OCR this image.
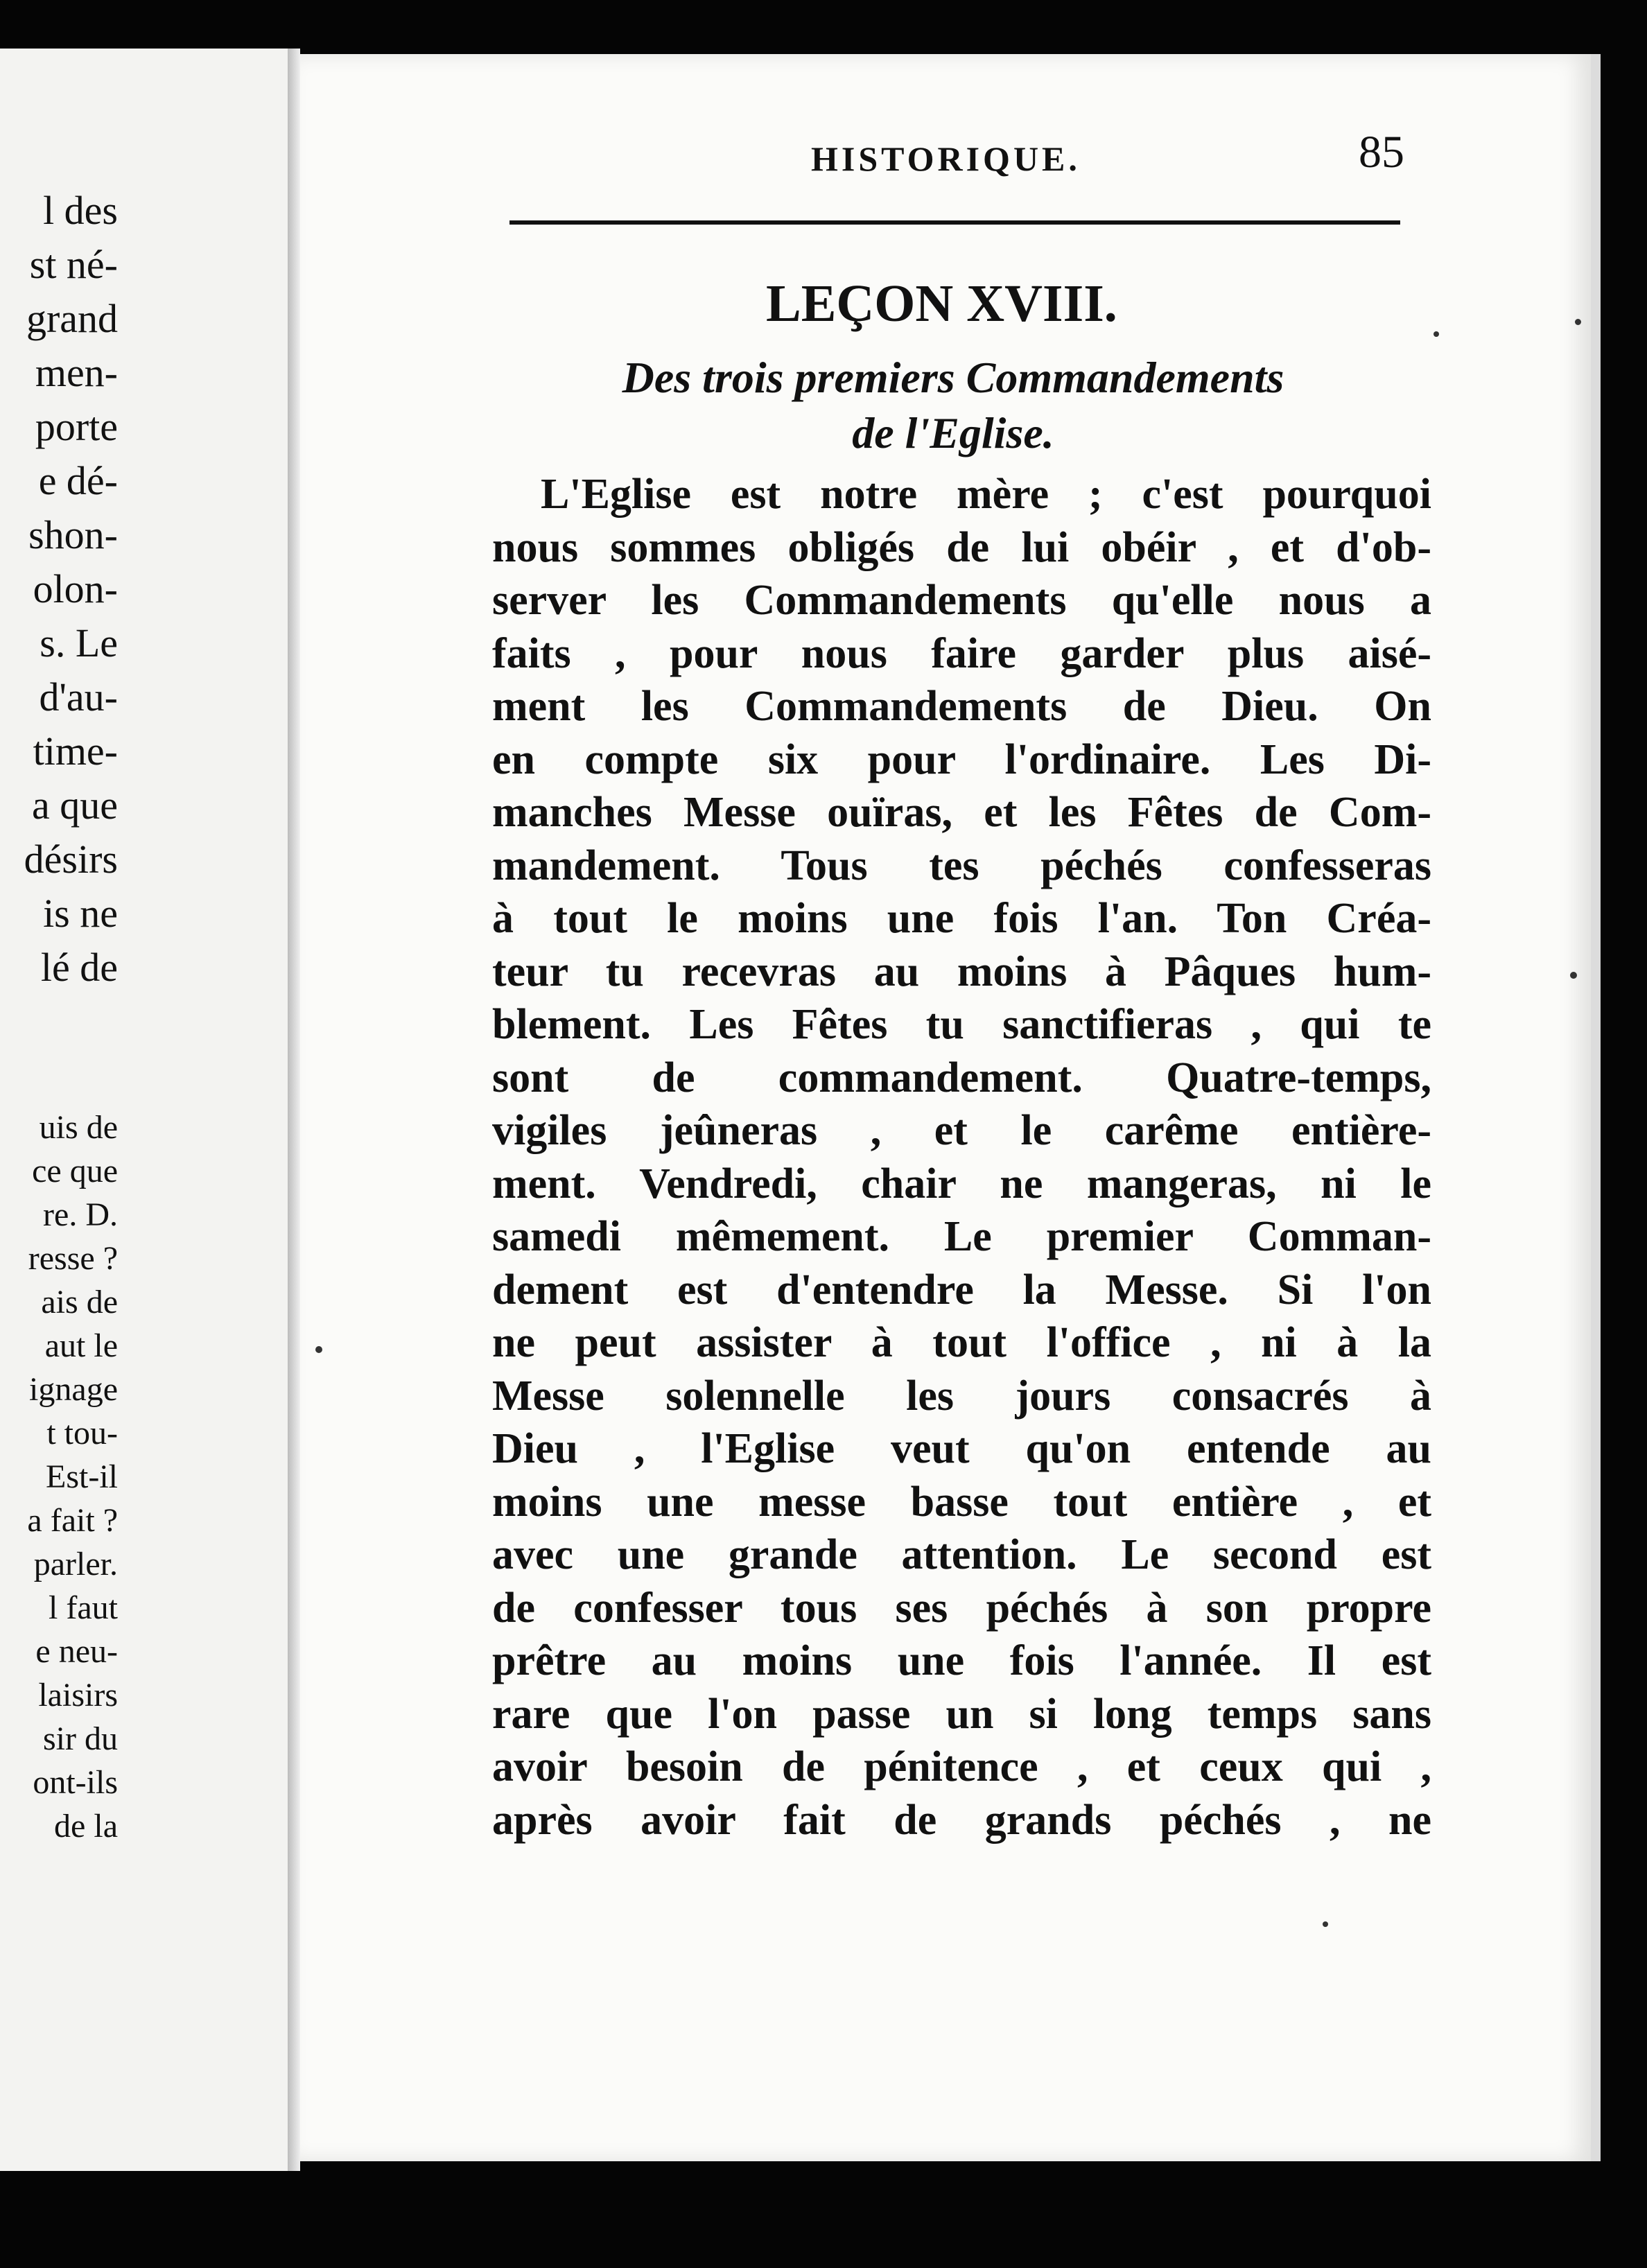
l des
st né-
grand
men-
porte
e dé-
shon-
olon-
s. Le
d'au-
time-
a que
désirs
is ne
lé de
uis de
ce que
re. D.
resse ?
ais de
aut le
ignage
t tou-
Est-il
a fait ?
parler.
l faut
e neu-
laisirs
sir du
ont-ils
de la
HISTORIQUE.	85
LEÇON XVIII.
Des trois premiers Commandements
de l'Eglise.
L'Eglise est notre mère ; c'est pourquoi
nous sommes obligés de lui obéir , et d'ob-
server les Commandements qu'elle nous a
faits , pour nous faire garder plus aisé-
ment les Commandements de Dieu. On
en compte six pour l'ordinaire. Les Di-
manches Messe ouïras, et les Fêtes de Com-
mandement. Tous tes péchés confesseras
à tout le moins une fois l'an. Ton Créa-
teur tu recevras au moins à Pâques hum-
blement. Les Fêtes tu sanctifieras , qui te
sont de commandement. Quatre-temps,
vigiles jeûneras , et le carême entière-
ment. Vendredi, chair ne mangeras, ni le
samedi mêmement. Le premier Comman-
dement est d'entendre la Messe. Si l'on
ne peut assister à tout l'office , ni à la
Messe solennelle les jours consacrés à
Dieu , l'Eglise veut qu'on entende au
moins une messe basse tout entière , et
avec une grande attention. Le second est
de confesser tous ses péchés à son propre
prêtre au moins une fois l'année. Il est
rare que l'on passe un si long temps sans
avoir besoin de pénitence , et ceux qui ,
après avoir fait de grands péchés , ne
